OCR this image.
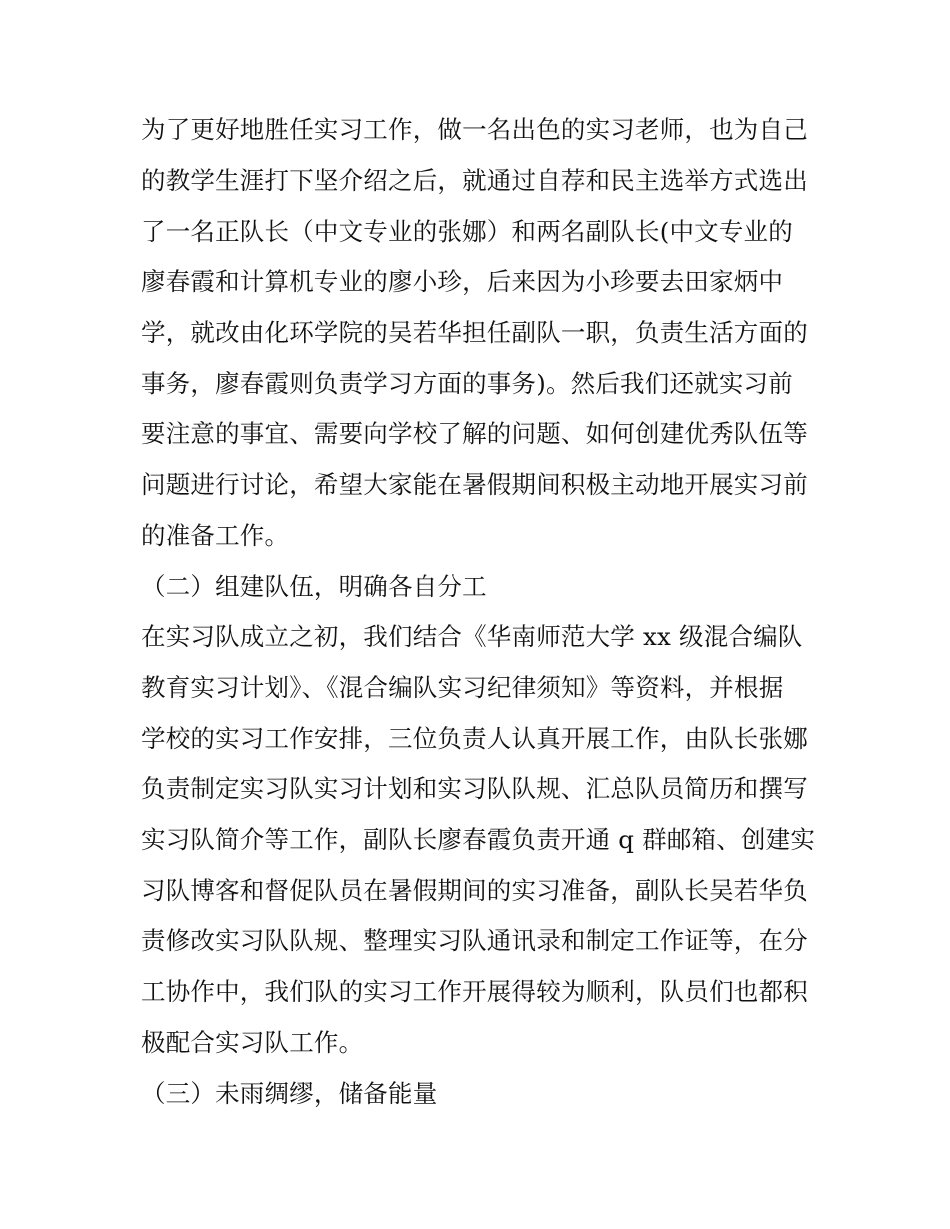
为了更好地胜任实习工作，做一名出色的实习老师，也为自己
的教学生涯打下坚介绍之后，就通过自荐和民主选举方式选出
了一名正队长（中文专业的张娜）和两名副队长(中文专业的
廖春霞和计算机专业的廖小珍，后来因为小珍要去田家炳中
学，就改由化环学院的吴若华担任副队一职，负责生活方面的
事务，廖春霞则负责学习方面的事务)。然后我们还就实习前
要注意的事宜、需要向学校了解的问题、如何创建优秀队伍等
问题进行讨论，希望大家能在暑假期间积极主动地开展实习前
的准备工作。
（二）组建队伍，明确各自分工
在实习队成立之初，我们结合《华南师范大学 xx 级混合编队
教育实习计划》、《混合编队实习纪律须知》等资料，并根据
学校的实习工作安排，三位负责人认真开展工作，由队长张娜
负责制定实习队实习计划和实习队队规、汇总队员简历和撰写
实习队简介等工作，副队长廖春霞负责开通 q 群邮箱、创建实
习队博客和督促队员在暑假期间的实习准备，副队长吴若华负
责修改实习队队规、整理实习队通讯录和制定工作证等，在分
工协作中，我们队的实习工作开展得较为顺利，队员们也都积
极配合实习队工作。
（三）未雨绸缪，储备能量
